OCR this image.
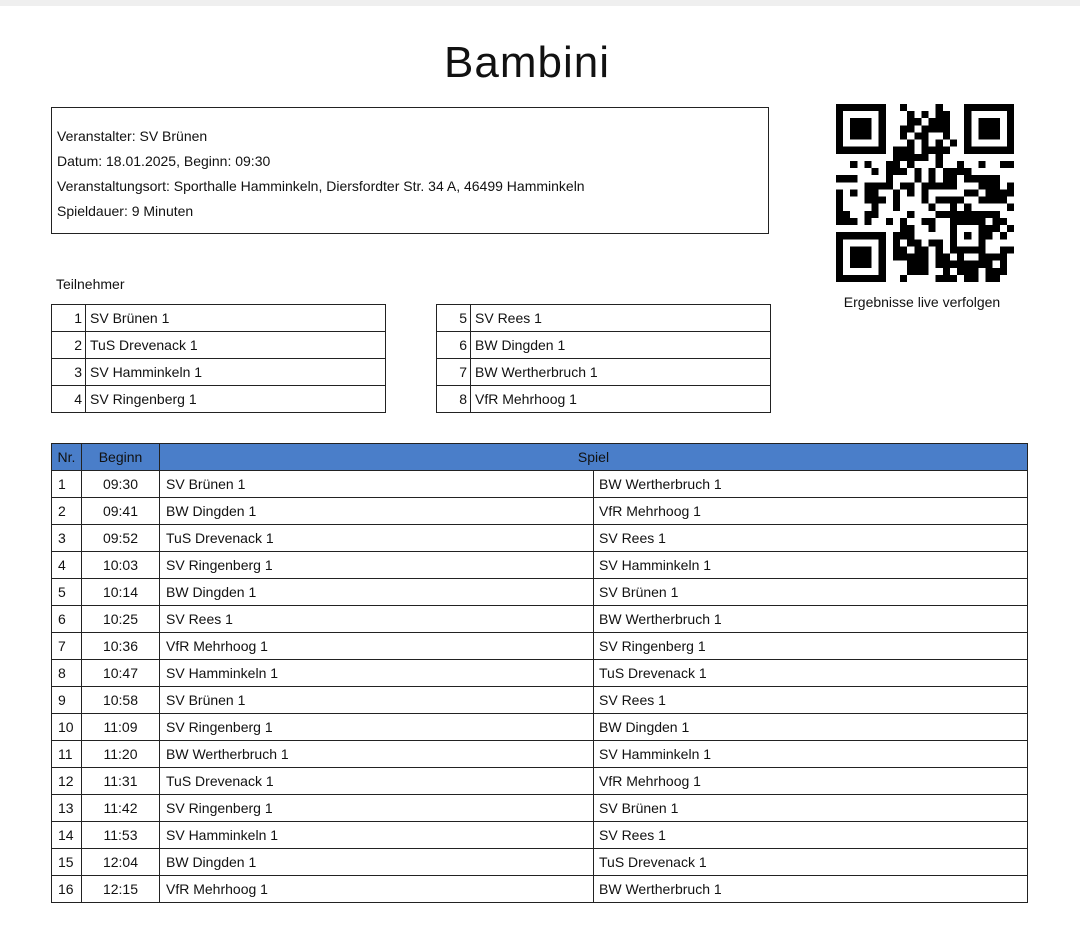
Bambini
Veranstalter: SV Brünen
Datum: 18.01.2025, Beginn: 09:30
Veranstaltungsort: Sporthalle Hamminkeln, Diersfordter Str. 34 A, 46499 Hamminkeln
Spieldauer: 9 Minuten
Ergebnisse live verfolgen
Teilnehmer
1	SV Brünen 1
2	TuS Drevenack 1
3	SV Hamminkeln 1
4	SV Ringenberg 1
5	SV Rees 1
6	BW Dingden 1
7	BW Wertherbruch 1
8	VfR Mehrhoog 1
Nr.	Beginn	Spiel	
1	09:30	SV Brünen 1	BW Wertherbruch 1
2	09:41	BW Dingden 1	VfR Mehrhoog 1
3	09:52	TuS Drevenack 1	SV Rees 1
4	10:03	SV Ringenberg 1	SV Hamminkeln 1
5	10:14	BW Dingden 1	SV Brünen 1
6	10:25	SV Rees 1	BW Wertherbruch 1
7	10:36	VfR Mehrhoog 1	SV Ringenberg 1
8	10:47	SV Hamminkeln 1	TuS Drevenack 1
9	10:58	SV Brünen 1	SV Rees 1
10	11:09	SV Ringenberg 1	BW Dingden 1
11	11:20	BW Wertherbruch 1	SV Hamminkeln 1
12	11:31	TuS Drevenack 1	VfR Mehrhoog 1
13	11:42	SV Ringenberg 1	SV Brünen 1
14	11:53	SV Hamminkeln 1	SV Rees 1
15	12:04	BW Dingden 1	TuS Drevenack 1
16	12:15	VfR Mehrhoog 1	BW Wertherbruch 1
